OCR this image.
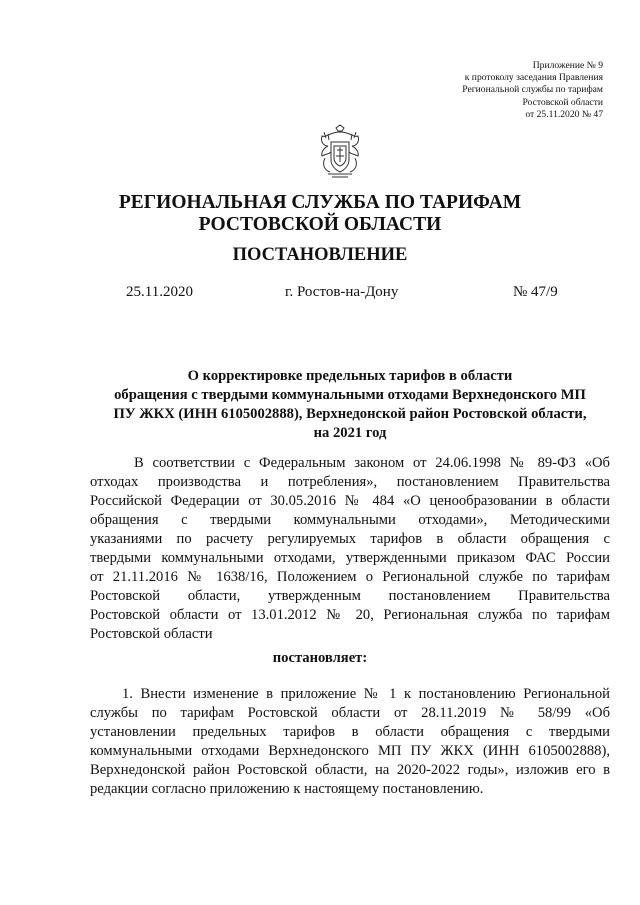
Приложение № 9
к протоколу заседания Правления
Региональной службы по тарифам
Ростовской области
от 25.11.2020 № 47
РЕГИОНАЛЬНАЯ СЛУЖБА ПО ТАРИФАМ
РОСТОВСКОЙ ОБЛАСТИ
ПОСТАНОВЛЕНИЕ
25.11.2020	г. Ростов-на-Дону	№ 47/9
О корректировке предельных тарифов в области
обращения с твердыми коммунальными отходами Верхнедонского МП
ПУ ЖКХ (ИНН 6105002888), Верхнедонской район Ростовской области,
на 2021 год
В соответствии с Федеральным законом от 24.06.1998 № 89-ФЗ «Об
отходах производства и потребления», постановлением Правительства
Российской Федерации от 30.05.2016 № 484 «О ценообразовании в области
обращения с твердыми коммунальными отходами», Методическими
указаниями по расчету регулируемых тарифов в области обращения с
твердыми коммунальными отходами, утвержденными приказом ФАС России
от 21.11.2016 № 1638/16, Положением о Региональной службе по тарифам
Ростовской области, утвержденным постановлением Правительства
Ростовской области от 13.01.2012 № 20, Региональная служба по тарифам
Ростовской области
постановляет:
1. Внести изменение в приложение № 1 к постановлению Региональной
службы по тарифам Ростовской области от 28.11.2019 № 58/99 «Об
установлении предельных тарифов в области обращения с твердыми
коммунальными отходами Верхнедонского МП ПУ ЖКХ (ИНН 6105002888),
Верхнедонской район Ростовской области, на 2020-2022 годы», изложив его в
редакции согласно приложению к настоящему постановлению.
